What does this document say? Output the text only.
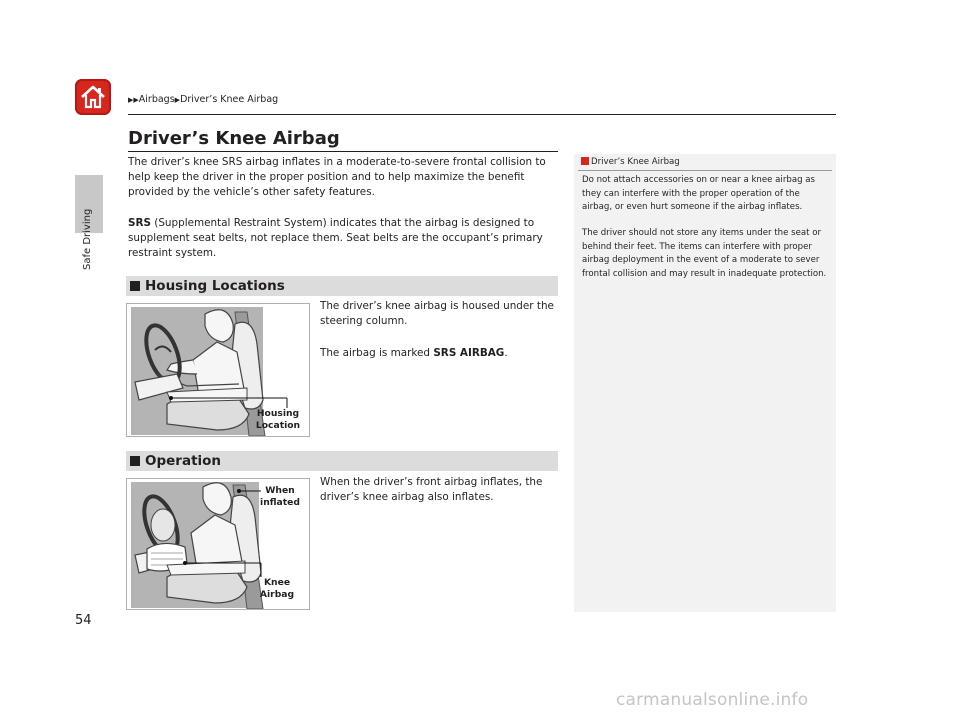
▶▶Airbags▶Driver’s Knee Airbag
Safe Driving
Driver’s Knee Airbag
The driver’s knee SRS airbag inflates in a moderate-to-severe frontal collision to help keep the driver in the proper position and to help maximize the benefit provided by the vehicle’s other safety features.
SRS (Supplemental Restraint System) indicates that the airbag is designed to supplement seat belts, not replace them. Seat belts are the occupant’s primary restraint system.
Housing Locations
Housing
Location
The driver’s knee airbag is housed under the steering column.
The airbag is marked SRS AIRBAG.
Operation
When
inflated
Knee
Airbag
When the driver’s front airbag inflates, the driver’s knee airbag also inflates.
Driver’s Knee Airbag
Do not attach accessories on or near a knee airbag as they can interfere with the proper operation of the airbag, or even hurt someone if the airbag inflates.
The driver should not store any items under the seat or behind their feet. The items can interfere with proper airbag deployment in the event of a moderate to sever frontal collision and may result in inadequate protection.
54
carmanualsonline.info
